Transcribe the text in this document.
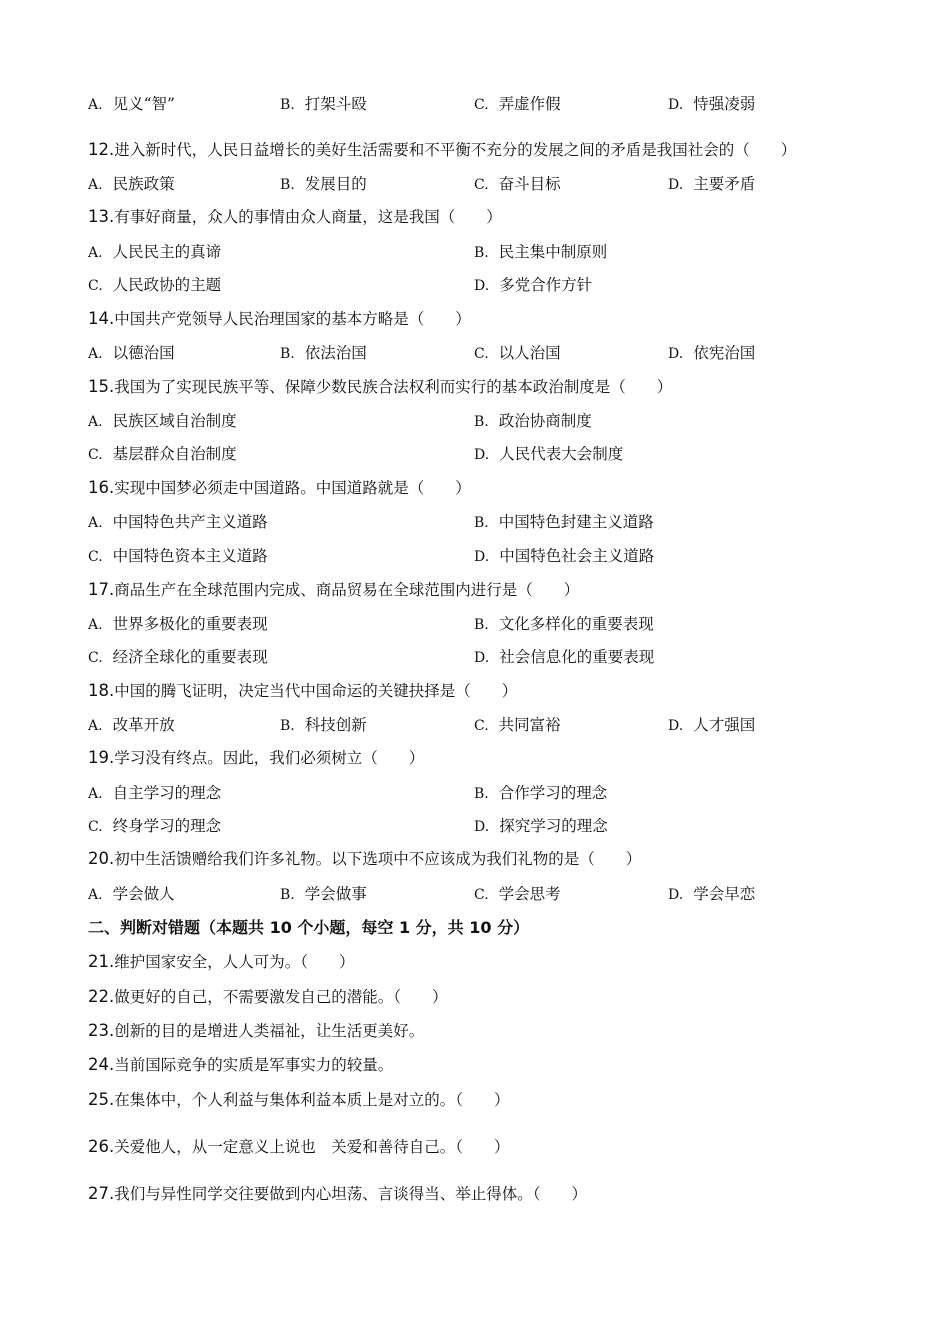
A. 见义“智”	B. 打架斗殴	C. 弄虚作假	D. 恃强凌弱
12.进入新时代，人民日益增长的美好生活需要和不平衡不充分的发展之间的矛盾是我国社会的（　　）
A. 民族政策	B. 发展目的	C. 奋斗目标	D. 主要矛盾
13.有事好商量，众人的事情由众人商量，这是我国（　　）
A. 人民民主的真谛	B. 民主集中制原则
C. 人民政协的主题	D. 多党合作方针
14.中国共产党领导人民治理国家的基本方略是（　　）
A. 以德治国	B. 依法治国	C. 以人治国	D. 依宪治国
15.我国为了实现民族平等、保障少数民族合法权利而实行的基本政治制度是（　　）
A. 民族区域自治制度	B. 政治协商制度
C. 基层群众自治制度	D. 人民代表大会制度
16.实现中国梦必须走中国道路。中国道路就是（　　）
A. 中国特色共产主义道路	B. 中国特色封建主义道路
C. 中国特色资本主义道路	D. 中国特色社会主义道路
17.商品生产在全球范围内完成、商品贸易在全球范围内进行是（　　）
A. 世界多极化的重要表现	B. 文化多样化的重要表现
C. 经济全球化的重要表现	D. 社会信息化的重要表现
18.中国的腾飞证明，决定当代中国命运的关键抉择是（　　）
A. 改革开放	B. 科技创新	C. 共同富裕	D. 人才强国
19.学习没有终点。因此，我们必须树立（　　）
A. 自主学习的理念	B. 合作学习的理念
C. 终身学习的理念	D. 探究学习的理念
20.初中生活馈赠给我们许多礼物。以下选项中不应该成为我们礼物的是（　　）
A. 学会做人	B. 学会做事	C. 学会思考	D. 学会早恋
二、判断对错题（本题共 10 个小题，每空 1 分，共 10 分）
21.维护国家安全，人人可为。（　　）
22.做更好的自己，不需要激发自己的潜能。（　　）
23.创新的目的是增进人类福祉，让生活更美好。
24.当前国际竞争的实质是军事实力的较量。
25.在集体中，个人利益与集体利益本质上是对立的。（　　）
26.关爱他人，从一定意义上说也　关爱和善待自己。（　　）
27.我们与异性同学交往要做到内心坦荡、言谈得当、举止得体。（　　）
